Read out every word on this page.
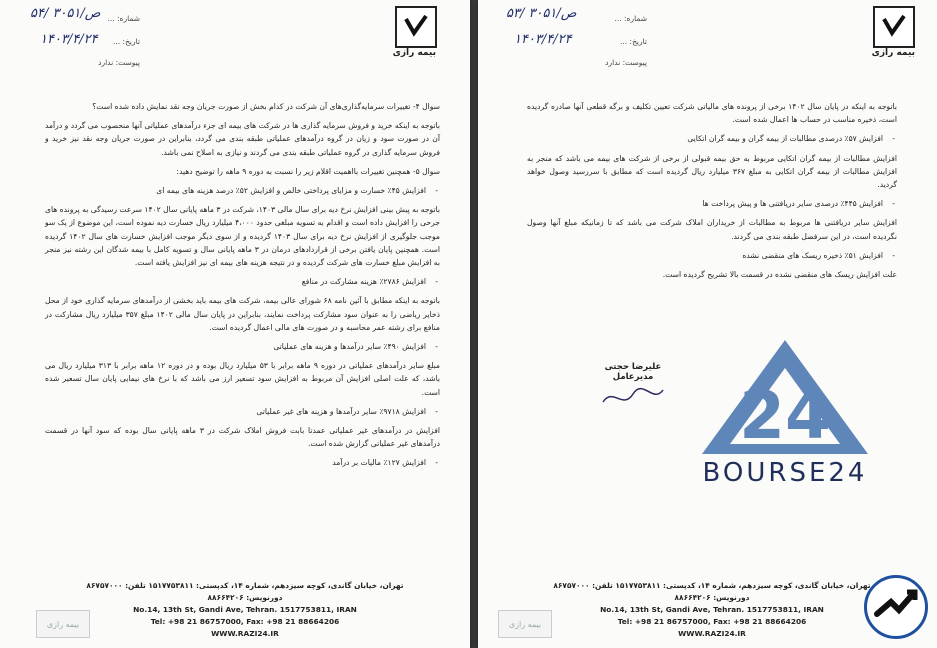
بیمه رازی
شماره: ...
تاریخ: ...
پیوست: ندارد
۵۴/ ص/۳۰۵۱
۱۴۰۳/۴/۲۴

سوال ۴- تغییرات سرمایه‌گذاری‌های آن شرکت در کدام بخش از صورت جریان وجه نقد نمایش داده شده است؟

باتوجه به اینکه خرید و فروش سرمایه گذاری ها در شرکت های بیمه ای جزء درآمدهای عملیاتی آنها منحصوب می گردد و درآمد آن در صورت سود و زیان در گروه درآمدهای عملیاتی طبقه بندی می گردد، بنابراین در صورت جریان وجه نقد نیز خرید و فروش سرمایه گذاری در گروه عملیاتی طبقه بندی می گردند و نیازی به اصلاح نمی باشد.

سوال ۵- همچنین تغییرات بااهمیت اقلام زیر را نسبت به دوره ۹ ماهه را توضیح دهید:

- افزایش ۴۵٪ خسارت و مزایای پرداختی خالص و افزایش ۵۲٪ درصد هزینه های بیمه ای

باتوجه به پیش بینی افزایش نرخ دیه برای سال مالی ۱۴۰۳، شرکت در ۳ ماهه پایانی سال ۱۴۰۲ سرعت رسیدگی به پرونده های جرحی را افزایش داده است و اقدام به تسویه مبلغی حدود ۴،۰۰۰ میلیارد ریال خسارت دیه نموده است، این موضوع از یک سو موجب جلوگیری از افزایش نرخ دیه برای سال ۱۴۰۳ گردیده و از سوی دیگر موجب افزایش خسارت های سال ۱۴۰۲ گردیده است. همچنین پایان یافتن برخی از قراردادهای درمان در ۳ ماهه پایانی سال و تسویه کامل با بیمه شدگان این رشته نیز منجر به افزایش مبلغ خسارت های شرکت گردیده و در نتیجه هزینه های بیمه ای نیز افزایش یافته است.

- افزایش ۲۷۸۶٪ هزینه مشارکت در منافع

باتوجه به اینکه مطابق با آئین نامه ۶۸ شورای عالی بیمه، شرکت های بیمه باید بخشی از درآمدهای سرمایه گذاری خود از محل ذخایر ریاضی را به عنوان سود مشارکت پرداخت نمایند، بنابراین در پایان سال مالی ۱۴۰۲ مبلغ ۳۵۷ میلیارد ریال مشارکت در منافع برای رشته عمر محاسبه و در صورت های مالی اعمال گردیده است.

- افزایش ۴۹۰٪ سایر درآمدها و هزینه های عملیاتی

مبلغ سایر درآمدهای عملیاتی در دوره ۹ ماهه برابر با ۵۳ میلیارد ریال بوده و در دوره ۱۲ ماهه برابر با ۳۱۳ میلیارد ریال می باشد، که علت اصلی افزایش آن مربوط به افزایش سود تسعیر ارز می باشد که با نرخ های نیمایی پایان سال تسعیر شده است.

- افزایش ۹۷۱۸٪ سایر درآمدها و هزینه های غیر عملیاتی

افزایش در درآمدهای غیر عملیاتی عمدتا بابت فروش املاک شرکت در ۳ ماهه پایانی سال بوده که سود آنها در قسمت درآمدهای غیر عملیاتی گزارش شده است.

- افزایش ۱۲۷٪ مالیات بر درآمد
تهران، خیابان گاندی، کوچه سیزدهم، شماره ۱۴، کدپستی: ۱۵۱۷۷۵۳۸۱۱ تلفن: ۸۶۷۵۷۰۰۰ دورنویس: ۸۸۶۶۴۲۰۶
No.14, 13th St, Gandi Ave, Tehran. 1517753811, IRAN
Tel: +98 21 86757000, Fax: +98 21 88664206
WWW.RAZI24.IR
بیمه رازی
بیمه رازی
شماره: ...
تاریخ: ...
پیوست: ندارد
۵۳/ ص/۳۰۵۱
۱۴۰۳/۴/۲۴

باتوجه به اینکه در پایان سال ۱۴۰۲ برخی از پرونده های مالیاتی شرکت تعیین تکلیف و برگه قطعی آنها صادره گردیده است، ذخیره مناسب در حساب ها اعمال شده است.

- افزایش ۵۷٪ درصدی مطالبات از بیمه گران و بیمه گران اتکایی

افزایش مطالبات از بیمه گران اتکایی مربوط به حق بیمه قبولی از برخی از شرکت های بیمه می باشد که منجر به افزایش مطالبات از بیمه گران اتکایی به مبلغ ۳۶۷ میلیارد ریال گردیده است که مطابق با سررسید وصول خواهد گردید.

- افزایش ۴۴۵٪ درصدی سایر دریافتنی ها و پیش پرداخت ها

افزایش سایر دریافتنی ها مربوط به مطالبات از خریداران املاک شرکت می باشد که تا زمانیکه مبلغ آنها وصول نگردیده است، در این سرفصل طبقه بندی می گردند.

- افزایش ۵۱٪ ذخیره ریسک های منقضی نشده

علت افزایش ریسک های منقضی نشده در قسمت بالا تشریح گردیده است.

علیرضا حجتی
مدیرعامل
تهران، خیابان گاندی، کوچه سیزدهم، شماره ۱۴، کدپستی: ۱۵۱۷۷۵۳۸۱۱ تلفن: ۸۶۷۵۷۰۰۰ دورنویس: ۸۸۶۶۴۲۰۶
No.14, 13th St, Gandi Ave, Tehran. 1517753811, IRAN
Tel: +98 21 86757000, Fax: +98 21 88664206
WWW.RAZI24.IR
بیمه رازی
24
BOURSE24
